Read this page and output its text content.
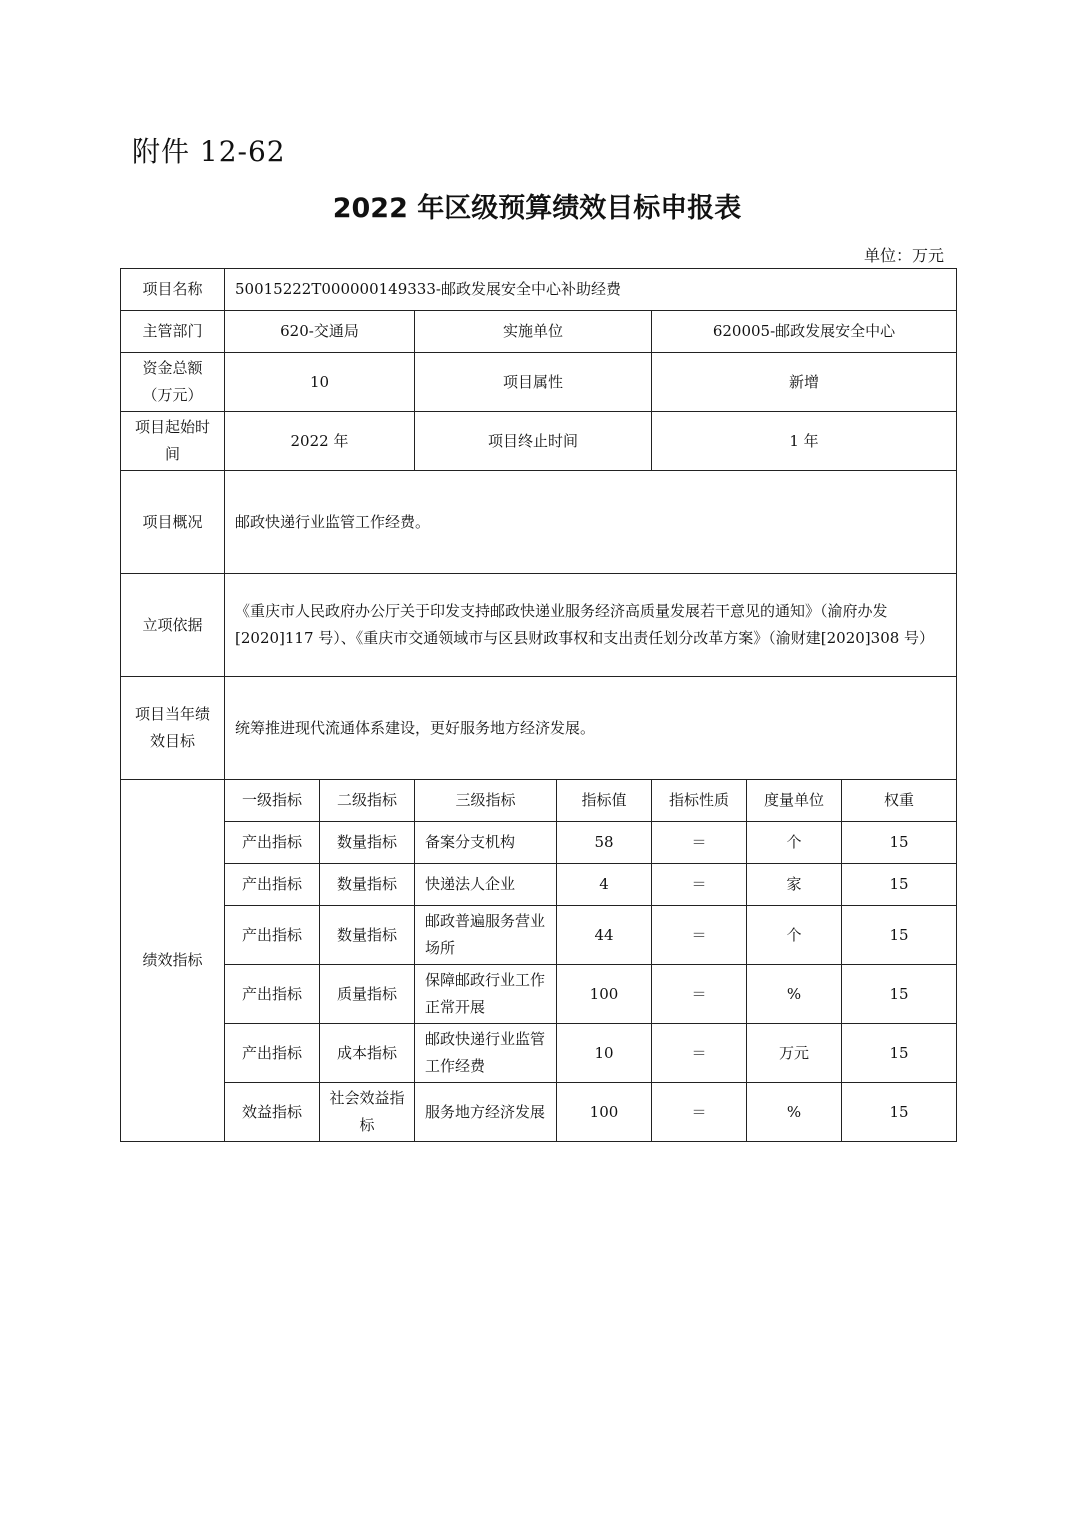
附件 12-62
2022 年区级预算绩效目标申报表
单位：万元
项目名称	50015222T000000149333-邮政发展安全中心补助经费						
主管部门	620-交通局		实施单位		620005-邮政发展安全中心		
资金总额
（万元）	10		项目属性		新增		
项目起始时
间	2022 年		项目终止时间		1 年		
项目概况	邮政快递行业监管工作经费。						
立项依据	《重庆市人民政府办公厅关于印发支持邮政快递业服务经济高质量发展若干意见的通知》（渝府办发[2020]117 号）、《重庆市交通领域市与区县财政事权和支出责任划分改革方案》（渝财建[2020]308 号）						
项目当年绩
效目标	统筹推进现代流通体系建设，更好服务地方经济发展。						
绩效指标	一级指标	二级指标	三级指标	指标值	指标性质	度量单位	权重
	产出指标	数量指标	备案分支机构	58	＝	个	15
	产出指标	数量指标	快递法人企业	4	＝	家	15
	产出指标	数量指标	邮政普遍服务营业场所	44	＝	个	15
	产出指标	质量指标	保障邮政行业工作正常开展	100	＝	%	15
	产出指标	成本指标	邮政快递行业监管工作经费	10	＝	万元	15
	效益指标	社会效益指标	服务地方经济发展	100	＝	%	15
